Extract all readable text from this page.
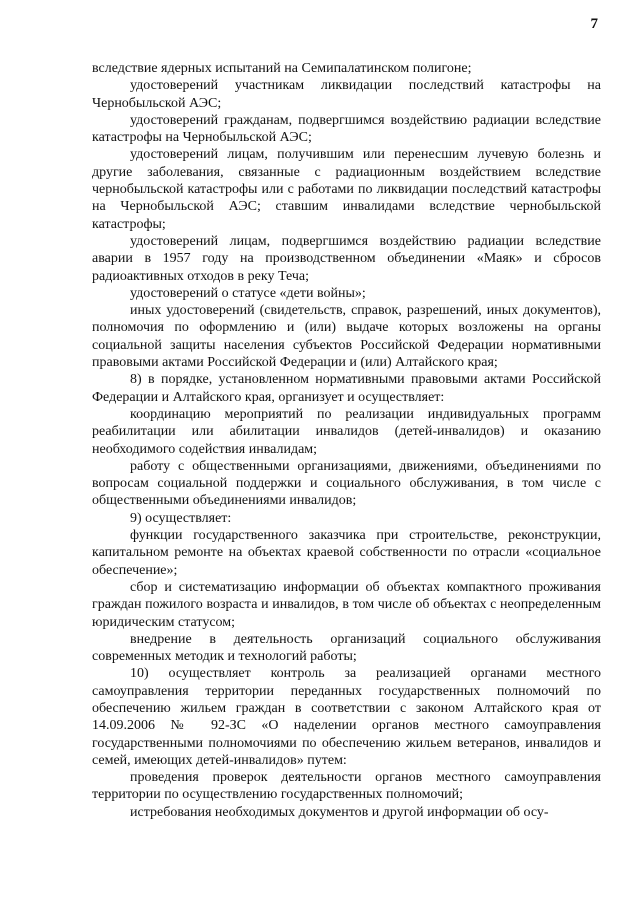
7

вследствие ядерных испытаний на Семипалатинском полигоне;

удостоверений участникам ликвидации последствий катастрофы на Чернобыльской АЭС;

удостоверений гражданам, подвергшимся воздействию радиации вследствие катастрофы на Чернобыльской АЭС;

удостоверений лицам, получившим или перенесшим лучевую болезнь и другие заболевания, связанные с радиационным воздействием вследствие чернобыльской катастрофы или с работами по ликвидации последствий катастрофы на Чернобыльской АЭС; ставшим инвалидами вследствие чернобыльской катастрофы;

удостоверений лицам, подвергшимся воздействию радиации вследствие аварии в 1957 году на производственном объединении «Маяк» и сбросов радиоактивных отходов в реку Теча;

удостоверений о статусе «дети войны»;

иных удостоверений (свидетельств, справок, разрешений, иных документов), полномочия по оформлению и (или) выдаче которых возложены на органы социальной защиты населения субъектов Российской Федерации нормативными правовыми актами Российской Федерации и (или) Алтайского края;

8) в порядке, установленном нормативными правовыми актами Российской Федерации и Алтайского края, организует и осуществляет:

координацию мероприятий по реализации индивидуальных программ реабилитации или абилитации инвалидов (детей-инвалидов) и оказанию необходимого содействия инвалидам;

работу с общественными организациями, движениями, объединениями по вопросам социальной поддержки и социального обслуживания, в том числе с общественными объединениями инвалидов;

9) осуществляет:

функции государственного заказчика при строительстве, реконструкции, капитальном ремонте на объектах краевой собственности по отрасли «социальное обеспечение»;

сбор и систематизацию информации об объектах компактного проживания граждан пожилого возраста и инвалидов, в том числе об объектах с неопределенным юридическим статусом;

внедрение в деятельность организаций социального обслуживания современных методик и технологий работы;

10) осуществляет контроль за реализацией органами местного самоуправления территории переданных государственных полномочий по обеспечению жильем граждан в соответствии с законом Алтайского края от 14.09.2006 № 92-ЗС «О наделении органов местного самоуправления государственными полномочиями по обеспечению жильем ветеранов, инвалидов и семей, имеющих детей-инвалидов» путем:

проведения проверок деятельности органов местного самоуправления территории по осуществлению государственных полномочий;

истребования необходимых документов и другой информации об осу-
